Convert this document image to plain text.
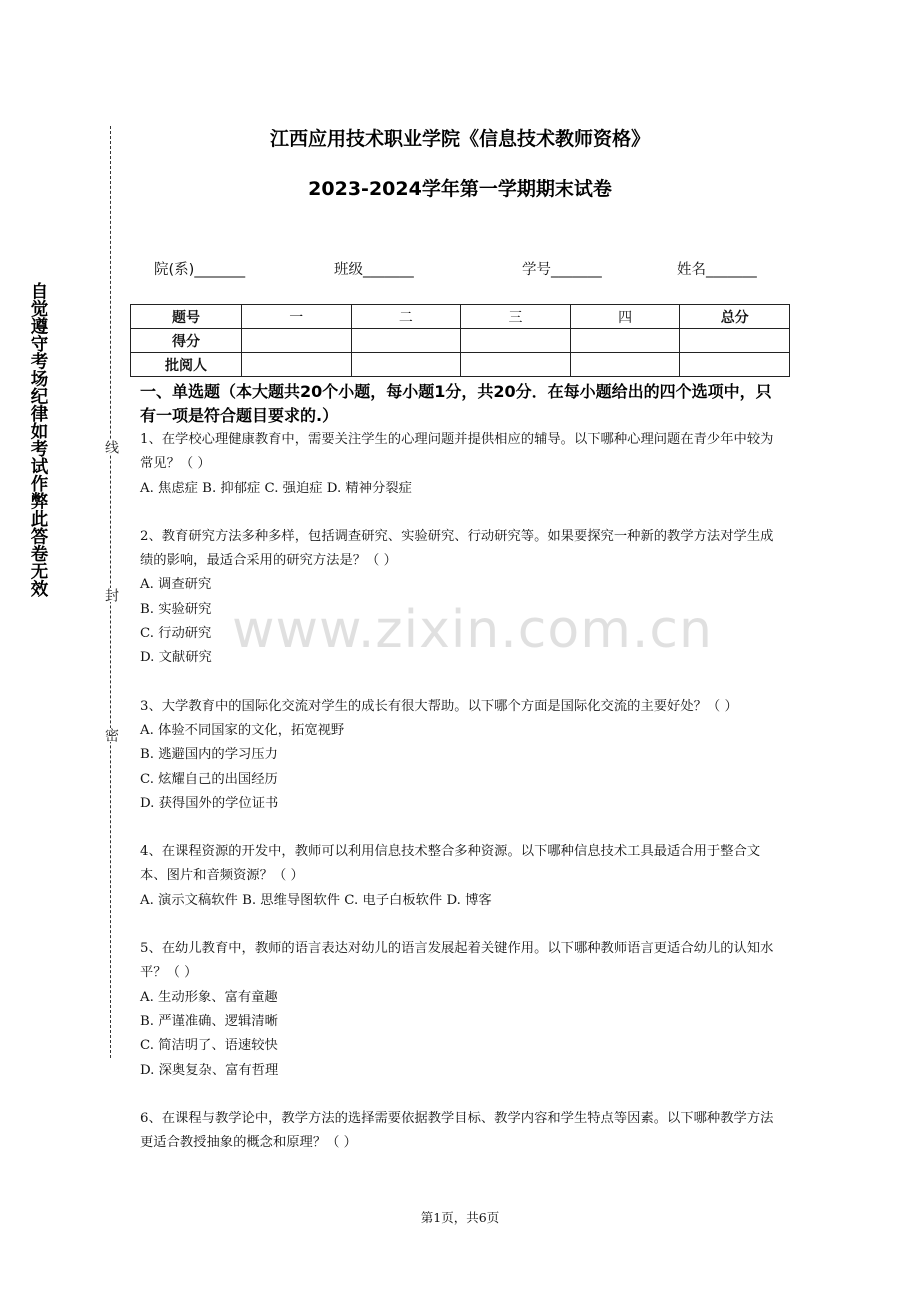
自觉遵守考场纪律如考试作弊此答卷无效	线
封
密
江西应用技术职业学院《信息技术教师资格》
2023-2024学年第一学期期末试卷
院(系)_______	班级_______	学号_______	姓名_______
题号	一	二	三	四	总分
得分					
批阅人					
一、单选题（本大题共20个小题，每小题1分，共20分．在每小题给出的四个选项中，只有一项是符合题目要求的.）

1、在学校心理健康教育中，需要关注学生的心理问题并提供相应的辅导。以下哪种心理问题在青少年中较为常见？（ ）

A. 焦虑症 B. 抑郁症 C. 强迫症 D. 精神分裂症

2、教育研究方法多种多样，包括调查研究、实验研究、行动研究等。如果要探究一种新的教学方法对学生成绩的影响，最适合采用的研究方法是？（ ）

A. 调查研究

B. 实验研究

C. 行动研究

D. 文献研究

3、大学教育中的国际化交流对学生的成长有很大帮助。以下哪个方面是国际化交流的主要好处？（ ）

A. 体验不同国家的文化，拓宽视野

B. 逃避国内的学习压力

C. 炫耀自己的出国经历

D. 获得国外的学位证书

4、在课程资源的开发中，教师可以利用信息技术整合多种资源。以下哪种信息技术工具最适合用于整合文本、图片和音频资源？（ ）

A. 演示文稿软件 B. 思维导图软件 C. 电子白板软件 D. 博客

5、在幼儿教育中，教师的语言表达对幼儿的语言发展起着关键作用。以下哪种教师语言更适合幼儿的认知水平？（ ）

A. 生动形象、富有童趣

B. 严谨准确、逻辑清晰

C. 简洁明了、语速较快

D. 深奥复杂、富有哲理

6、在课程与教学论中，教学方法的选择需要依据教学目标、教学内容和学生特点等因素。以下哪种教学方法更适合教授抽象的概念和原理？（ ）

www.zixin.com.cn
第1页，共6页
